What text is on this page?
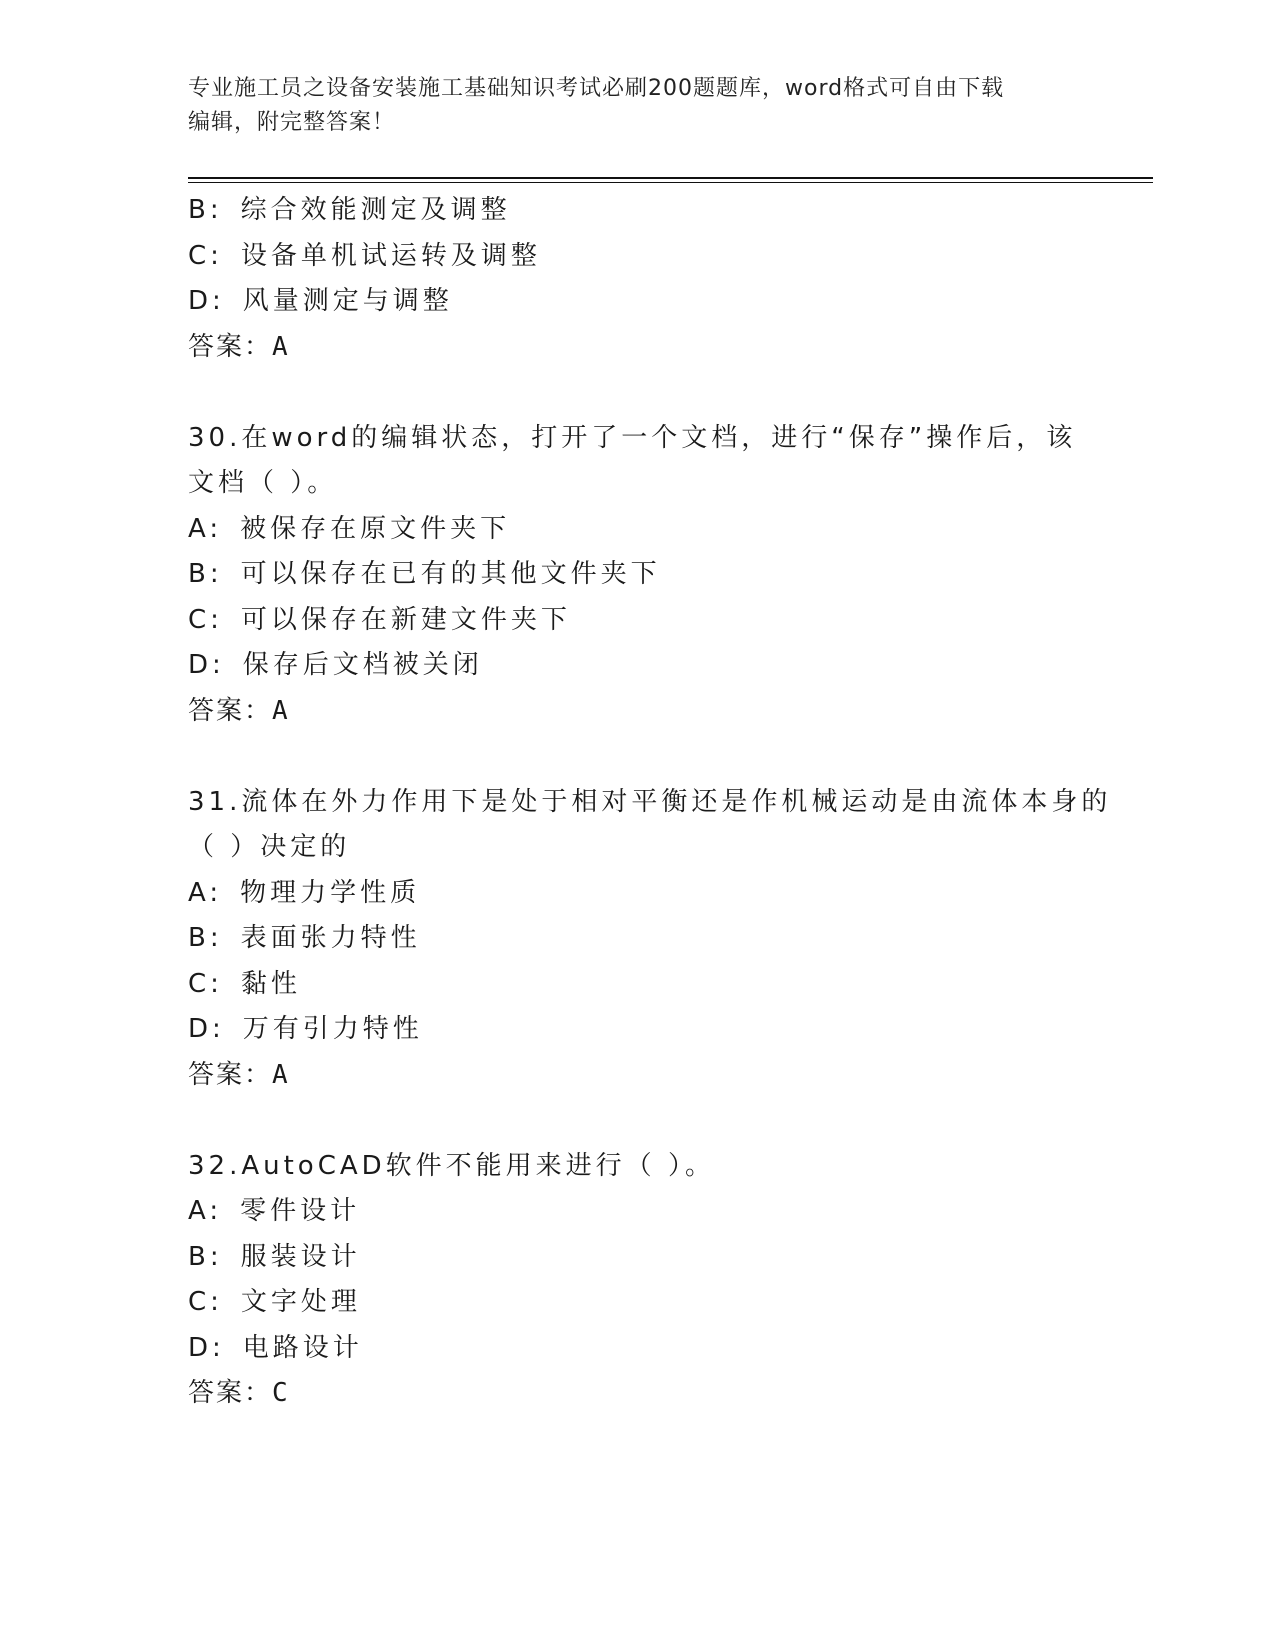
专业施工员之设备安装施工基础知识考试必刷200题题库，word格式可自由下载
编辑，附完整答案！
B: 综合效能测定及调整
C: 设备单机试运转及调整
D: 风量测定与调整
答案：A
30.在word的编辑状态，打开了一个文档，进行“保存”操作后，该
文档（ ）。
A: 被保存在原文件夹下
B: 可以保存在已有的其他文件夹下
C: 可以保存在新建文件夹下
D: 保存后文档被关闭
答案：A
31.流体在外力作用下是处于相对平衡还是作机械运动是由流体本身的
（ ）决定的
A: 物理力学性质
B: 表面张力特性
C: 黏性
D: 万有引力特性
答案：A
32.AutoCAD软件不能用来进行（ ）。
A: 零件设计
B: 服装设计
C: 文字处理
D: 电路设计
答案：C
